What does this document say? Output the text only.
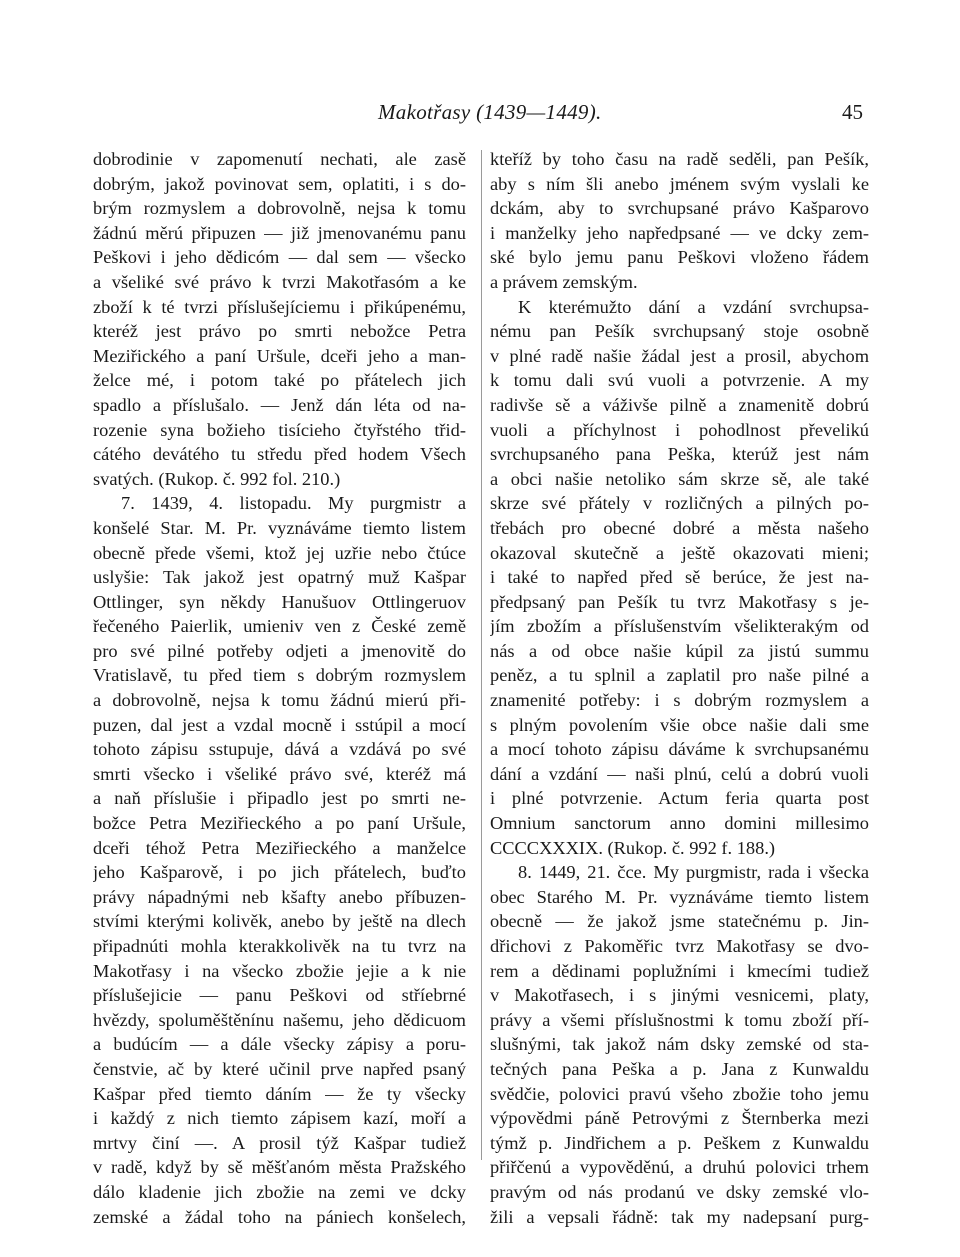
Makotřasy (1439—1449).	45
dobrodinie v zapomenutí nechati, ale zasě
dobrým, jakož povinovat sem, oplatiti, i s do-
brým rozmyslem a dobrovolně, nejsa k tomu
žádnú měrú připuzen — již jmenovanému panu
Peškovi i jeho dědicóm — dal sem — všecko
a všeliké své právo k tvrzi Makotřasóm a ke
zboží k té tvrzi příslušejíciemu i přikúpenému,
kteréž jest právo po smrti nebožce Petra
Meziřického a paní Uršule, dceři jeho a man-
želce mé, i potom také po přátelech jich
spadlo a příslušalo. — Jenž dán léta od na-
rozenie syna božieho tisícieho čtyřstého třid-
cátého devátého tu středu před hodem Všech
svatých. (Rukop. č. 992 fol. 210.)
7. 1439, 4. listopadu. My purgmistr a
konšelé Star. M. Pr. vyznáváme tiemto listem
obecně přede všemi, ktož jej uzřie nebo čtúce
uslyšie: Tak jakož jest opatrný muž Kašpar
Ottlinger, syn někdy Hanušuov Ottlingeruov
řečeného Paierlik, umieniv ven z České země
pro své pilné potřeby odjeti a jmenovitě do
Vratislavě, tu před tiem s dobrým rozmyslem
a dobrovolně, nejsa k tomu žádnú mierú při-
puzen, dal jest a vzdal mocně i sstúpil a mocí
tohoto zápisu sstupuje, dává a vzdává po své
smrti všecko i všeliké právo své, kteréž má
a naň příslušie i připadlo jest po smrti ne-
božce Petra Meziřieckého a po paní Uršule,
dceři téhož Petra Meziřieckého a manželce
jeho Kašparově, i po jich přátelech, buďto
právy nápadnými neb kšafty anebo příbuzen-
stvími kterými kolivěk, anebo by ještě na dlech
připadnúti mohla kterakkolivěk na tu tvrz na
Makotřasy i na všecko zbožie jejie a k nie
příslušejicie — panu Peškovi od stříebrné
hvězdy, spoluměštěnínu našemu, jeho dědicuom
a budúcím — a dále všecky zápisy a poru-
čenstvie, ač by které učinil prve napřed psaný
Kašpar před tiemto dáním — že ty všecky
i každý z nich tiemto zápisem kazí, moří a
mrtvy činí —. A prosil týž Kašpar tudiež
v radě, když by sě měšťanóm města Pražského
dálo kladenie jich zbožie na zemi ve dcky
zemské a žádal toho na pániech konšelech,
kteříž by toho času na radě seděli, pan Pešík,
aby s ním šli anebo jménem svým vyslali ke
dckám, aby to svrchupsané právo Kašparovo
i manželky jeho napředpsané — ve dcky zem-
ské bylo jemu panu Peškovi vloženo řádem
a právem zemským.
K kterémužto dání a vzdání svrchupsa-
nému pan Pešík svrchupsaný stoje osobně
v plné radě našie žádal jest a prosil, abychom
k tomu dali svú vuoli a potvrzenie. A my
radivše sě a váživše pilně a znamenitě dobrú
vuoli a příchylnost i pohodlnost převelikú
svrchupsaného pana Peška, kterúž jest nám
a obci našie netoliko sám skrze sě, ale také
skrze své přátely v rozličných a pilných po-
třebách pro obecné dobré a města našeho
okazoval skutečně a ještě okazovati mieni;
i také to napřed před sě berúce, že jest na-
předpsaný pan Pešík tu tvrz Makotřasy s je-
jím zbožím a příslušenstvím všelikterakým od
nás a od obce našie kúpil za jistú summu
peněz, a tu splnil a zaplatil pro naše pilné a
znamenité potřeby: i s dobrým rozmyslem a
s plným povolením všie obce našie dali sme
a mocí tohoto zápisu dáváme k svrchupsanému
dání a vzdání — naši plnú, celú a dobrú vuoli
i plné potvrzenie. Actum feria quarta post
Omnium sanctorum anno domini millesimo
CCCCXXXIX. (Rukop. č. 992 f. 188.)
8. 1449, 21. čce. My purgmistr, rada i všecka
obec Starého M. Pr. vyznáváme tiemto listem
obecně — že jakož jsme statečnému p. Jin-
dřichovi z Pakoměřic tvrz Makotřasy se dvo-
rem a dědinami poplužními i kmecími tudiež
v Makotřasech, i s jinými vesnicemi, platy,
právy a všemi příslušnostmi k tomu zboží pří-
slušnými, tak jakož nám dsky zemské od sta-
tečných pana Peška a p. Jana z Kunwaldu
svědčie, polovici pravú všeho zbožie toho jemu
výpovědmi páně Petrovými z Šternberka mezi
týmž p. Jindřichem a p. Peškem z Kunwaldu
přiřčenú a vypověděnú, a druhú polovici trhem
pravým od nás prodanú ve dsky zemské vlo-
žili a vepsali řádně: tak my nadepsaní purg-
